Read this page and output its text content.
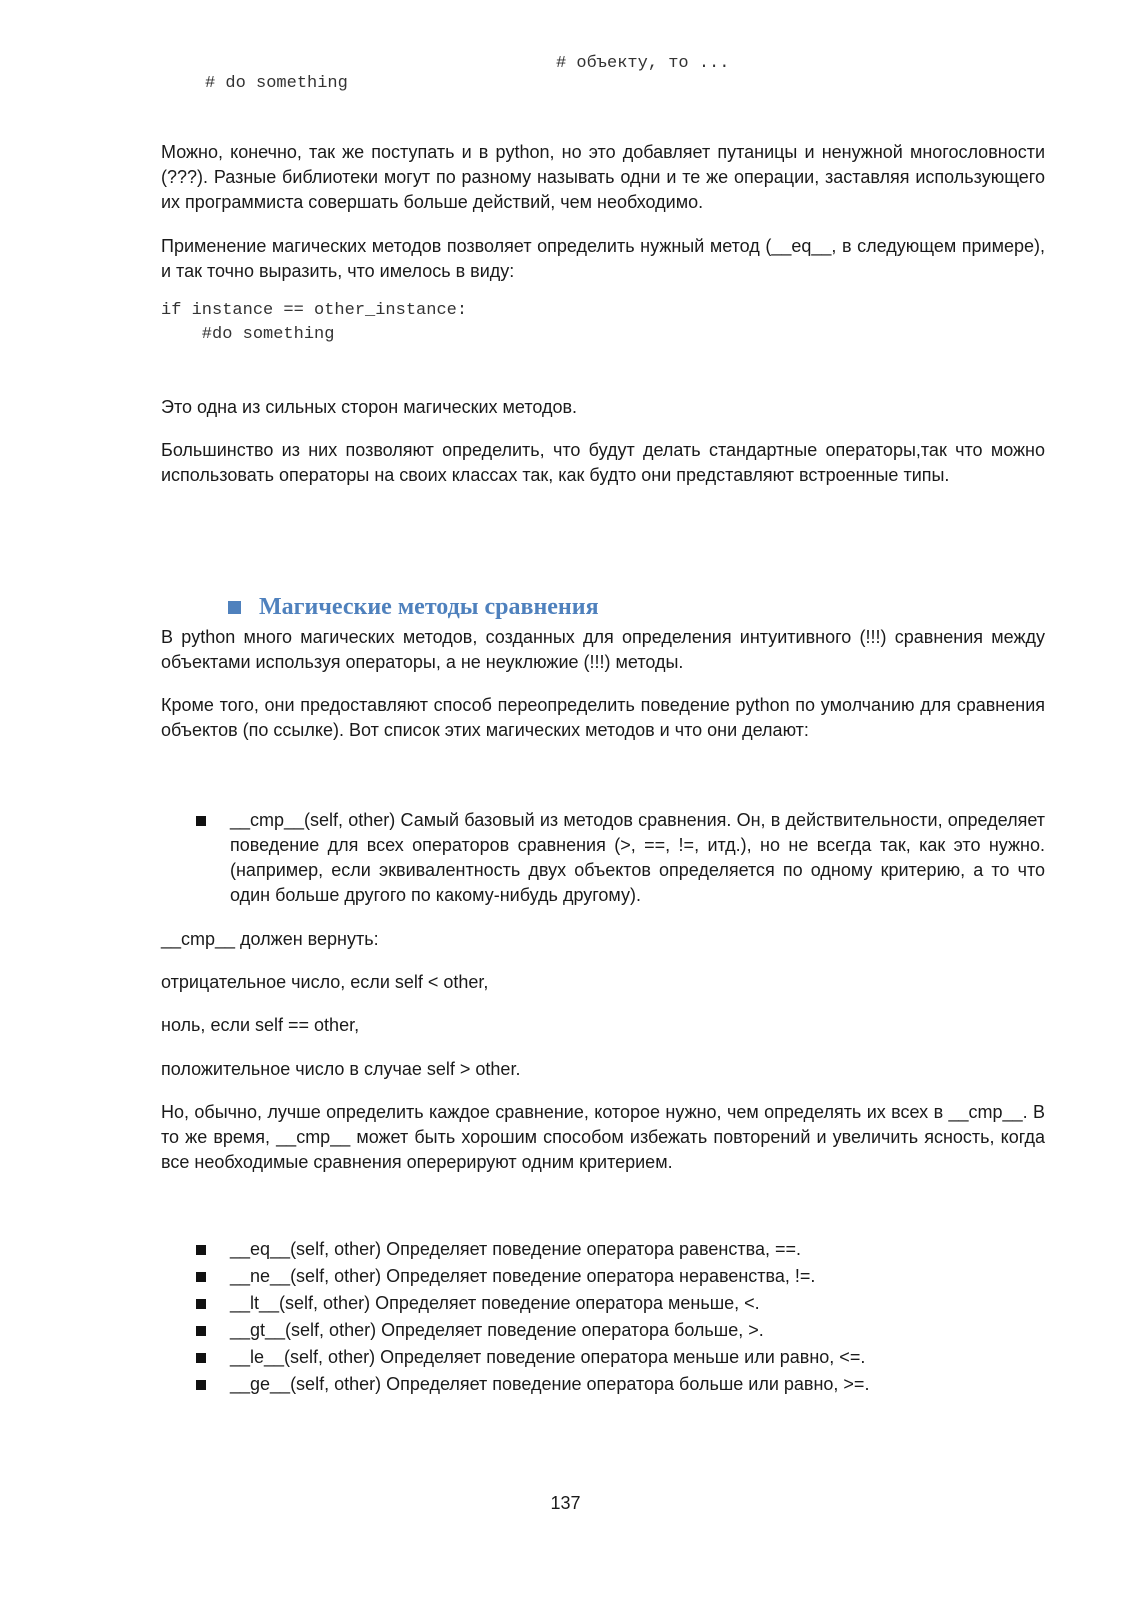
# объекту, то ...
# do something

Можно, конечно, так же поступать и в python, но это добавляет путаницы и ненужной многословности (???). Разные библиотеки могут по разному называть одни и те же операции, заставляя использующего их программиста совершать больше действий, чем необходимо.

Применение магических методов позволяет определить нужный метод (__eq__, в следующем примере), и так точно выразить, что имелось в виду:

if instance == other_instance:
#do something

Это одна из сильных сторон магических методов.

Большинство из них позволяют определить, что будут делать стандартные операторы,так что можно использовать операторы на своих классах так, как будто они представляют встроенные типы.

Магические методы сравнения

В python много магических методов, созданных для определения интуитивного (!!!) сравнения между объектами используя операторы, а не неуклюжие (!!!) методы.

Кроме того, они предоставляют способ переопределить поведение python по умолчанию для сравнения объектов (по ссылке). Вот список этих магических методов и что они делают:

__cmp__(self, other) Самый базовый из методов сравнения. Он, в действительности, определяет поведение для всех операторов сравнения (>, ==, !=, итд.), но не всегда так, как это нужно. (например, если эквивалентность двух объектов определяется по одному критерию, а то что один больше другого по какому-нибудь другому).

__cmp__ должен вернуть:

отрицательное число, если self < other,

ноль, если self == other,

положительное число в случае self > other.

Но, обычно, лучше определить каждое сравнение, которое нужно, чем определять их всех в __cmp__. В то же время, __cmp__ может быть хорошим способом избежать повторений и увеличить ясность, когда все необходимые сравнения оперерируют одним критерием.

__eq__(self, other) Определяет поведение оператора равенства, ==.
__ne__(self, other) Определяет поведение оператора неравенства, !=.
__lt__(self, other) Определяет поведение оператора меньше, <.
__gt__(self, other) Определяет поведение оператора больше, >.
__le__(self, other) Определяет поведение оператора меньше или равно, <=.
__ge__(self, other) Определяет поведение оператора больше или равно, >=.
137
